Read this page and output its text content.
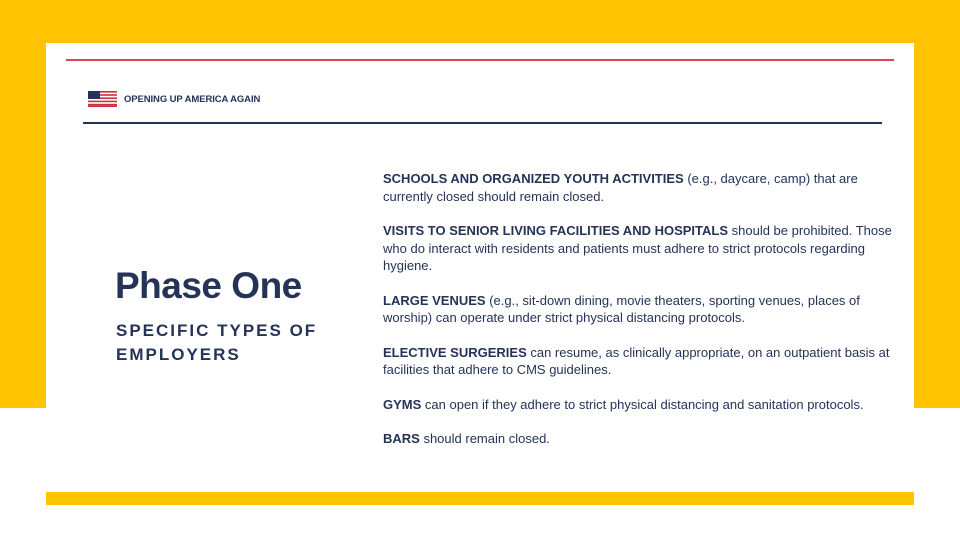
OPENING UP AMERICA AGAIN
Phase One
SPECIFIC TYPES OF EMPLOYERS

SCHOOLS AND ORGANIZED YOUTH ACTIVITIES (e.g., daycare, camp) that are currently closed should remain closed.

VISITS TO SENIOR LIVING FACILITIES AND HOSPITALS should be prohibited. Those who do interact with residents and patients must adhere to strict protocols regarding hygiene.

LARGE VENUES (e.g., sit-down dining, movie theaters, sporting venues, places of worship) can operate under strict physical distancing protocols.

ELECTIVE SURGERIES can resume, as clinically appropriate, on an outpatient basis at facilities that adhere to CMS guidelines.

GYMS can open if they adhere to strict physical distancing and sanitation protocols.

BARS should remain closed.
